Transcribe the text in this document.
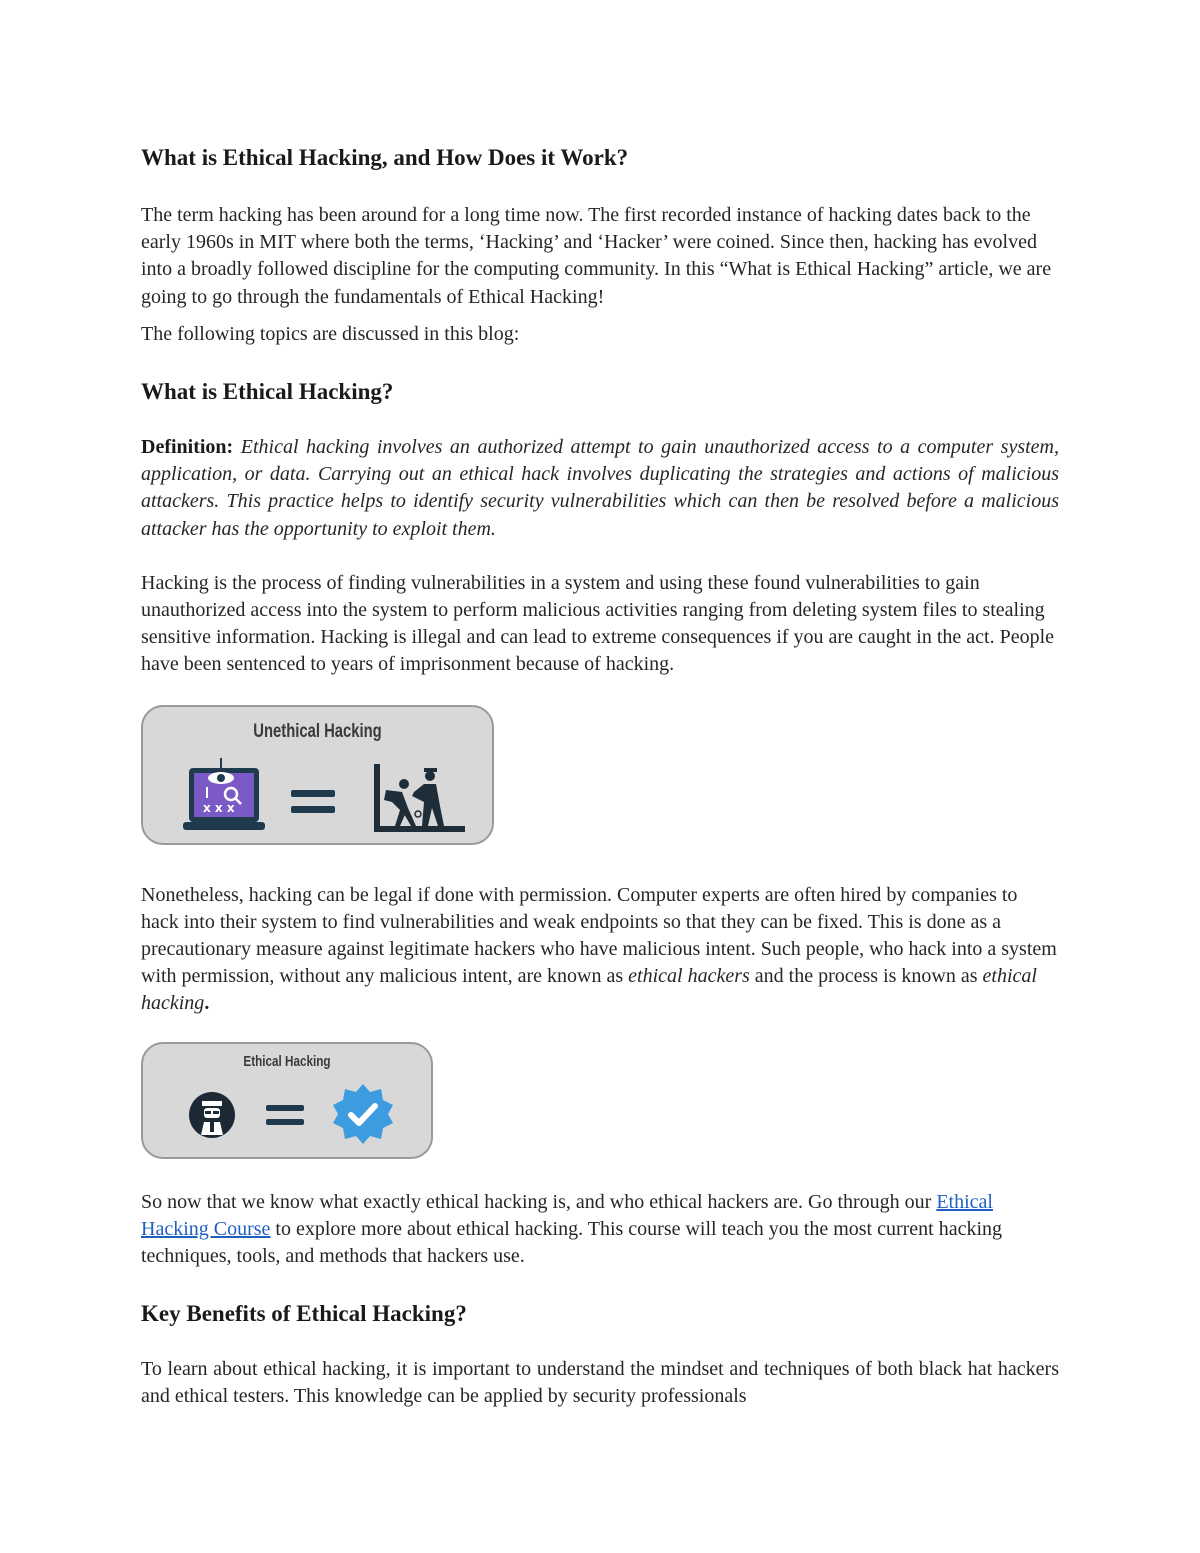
What is Ethical Hacking, and How Does it Work?

The term hacking has been around for a long time now. The first recorded instance of hacking dates back to the early 1960s in MIT where both the terms, ‘Hacking’ and ‘Hacker’ were coined. Since then, hacking has evolved into a broadly followed discipline for the computing community. In this “What is Ethical Hacking” article, we are going to go through the fundamentals of Ethical Hacking!

The following topics are discussed in this blog:

What is Ethical Hacking?

Definition: Ethical hacking involves an authorized attempt to gain unauthorized access to a computer system, application, or data. Carrying out an ethical hack involves duplicating the strategies and actions of malicious attackers. This practice helps to identify security vulnerabilities which can then be resolved before a malicious attacker has the opportunity to exploit them.

Hacking is the process of finding vulnerabilities in a system and using these found vulnerabilities to gain unauthorized access into the system to perform malicious activities ranging from deleting system files to stealing sensitive information. Hacking is illegal and can lead to extreme consequences if you are caught in the act. People have been sentenced to years of imprisonment because of hacking.

Unethical Hacking
x x x

Nonetheless, hacking can be legal if done with permission. Computer experts are often hired by companies to hack into their system to find vulnerabilities and weak endpoints so that they can be fixed. This is done as a precautionary measure against legitimate hackers who have malicious intent. Such people, who hack into a system with permission, without any malicious intent, are known as ethical hackers and the process is known as ethical hacking.

Ethical Hacking

So now that we know what exactly ethical hacking is, and who ethical hackers are. Go through our Ethical Hacking Course to explore more about ethical hacking. This course will teach you the most current hacking techniques, tools, and methods that hackers use.

Key Benefits of Ethical Hacking?

To learn about ethical hacking, it is important to understand the mindset and techniques of both black hat hackers and ethical testers. This knowledge can be applied by security professionals
